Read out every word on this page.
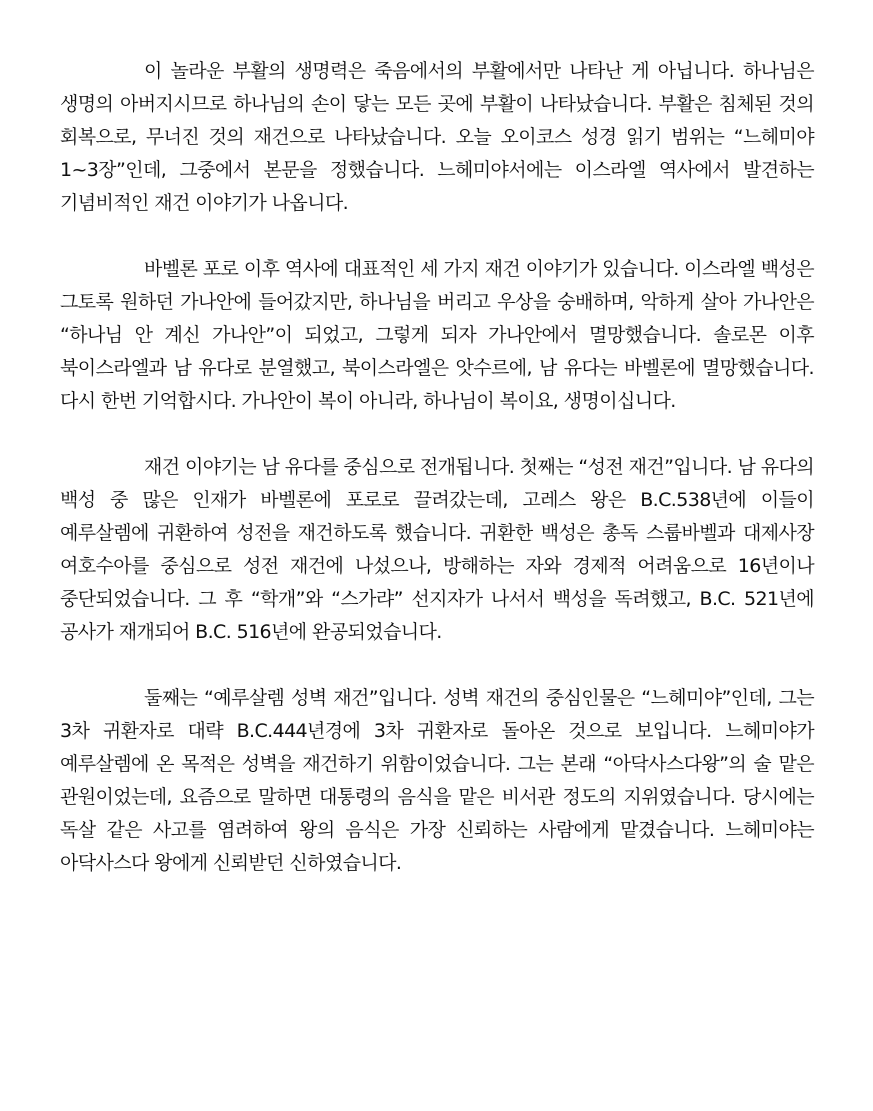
이 놀라운 부활의 생명력은 죽음에서의 부활에서만 나타난 게 아닙니다. 하나님은 생명의 아버지시므로 하나님의 손이 닿는 모든 곳에 부활이 나타났습니다. 부활은 침체된 것의 회복으로, 무너진 것의 재건으로 나타났습니다. 오늘 오이코스 성경 읽기 범위는 “느헤미야 1~3장”인데, 그중에서 본문을 정했습니다. 느헤미야서에는 이스라엘 역사에서 발견하는 기념비적인 재건 이야기가 나옵니다.

바벨론 포로 이후 역사에 대표적인 세 가지 재건 이야기가 있습니다. 이스라엘 백성은 그토록 원하던 가나안에 들어갔지만, 하나님을 버리고 우상을 숭배하며, 악하게 살아 가나안은 “하나님 안 계신 가나안”이 되었고, 그렇게 되자 가나안에서 멸망했습니다. 솔로몬 이후 북이스라엘과 남 유다로 분열했고, 북이스라엘은 앗수르에, 남 유다는 바벨론에 멸망했습니다. 다시 한번 기억합시다. 가나안이 복이 아니라, 하나님이 복이요, 생명이십니다.

재건 이야기는 남 유다를 중심으로 전개됩니다. 첫째는 “성전 재건”입니다. 남 유다의 백성 중 많은 인재가 바벨론에 포로로 끌려갔는데, 고레스 왕은 B.C.538년에 이들이 예루살렘에 귀환하여 성전을 재건하도록 했습니다. 귀환한 백성은 총독 스룹바벨과 대제사장 여호수아를 중심으로 성전 재건에 나섰으나, 방해하는 자와 경제적 어려움으로 16년이나 중단되었습니다. 그 후 “학개”와 “스가랴” 선지자가 나서서 백성을 독려했고, B.C. 521년에 공사가 재개되어 B.C. 516년에 완공되었습니다.

둘째는 “예루살렘 성벽 재건”입니다. 성벽 재건의 중심인물은 “느헤미야”인데, 그는 3차 귀환자로 대략 B.C.444년경에 3차 귀환자로 돌아온 것으로 보입니다. 느헤미야가 예루살렘에 온 목적은 성벽을 재건하기 위함이었습니다. 그는 본래 “아닥사스다왕”의 술 맡은 관원이었는데, 요즘으로 말하면 대통령의 음식을 맡은 비서관 정도의 지위였습니다. 당시에는 독살 같은 사고를 염려하여 왕의 음식은 가장 신뢰하는 사람에게 맡겼습니다. 느헤미야는 아닥사스다 왕에게 신뢰받던 신하였습니다.
